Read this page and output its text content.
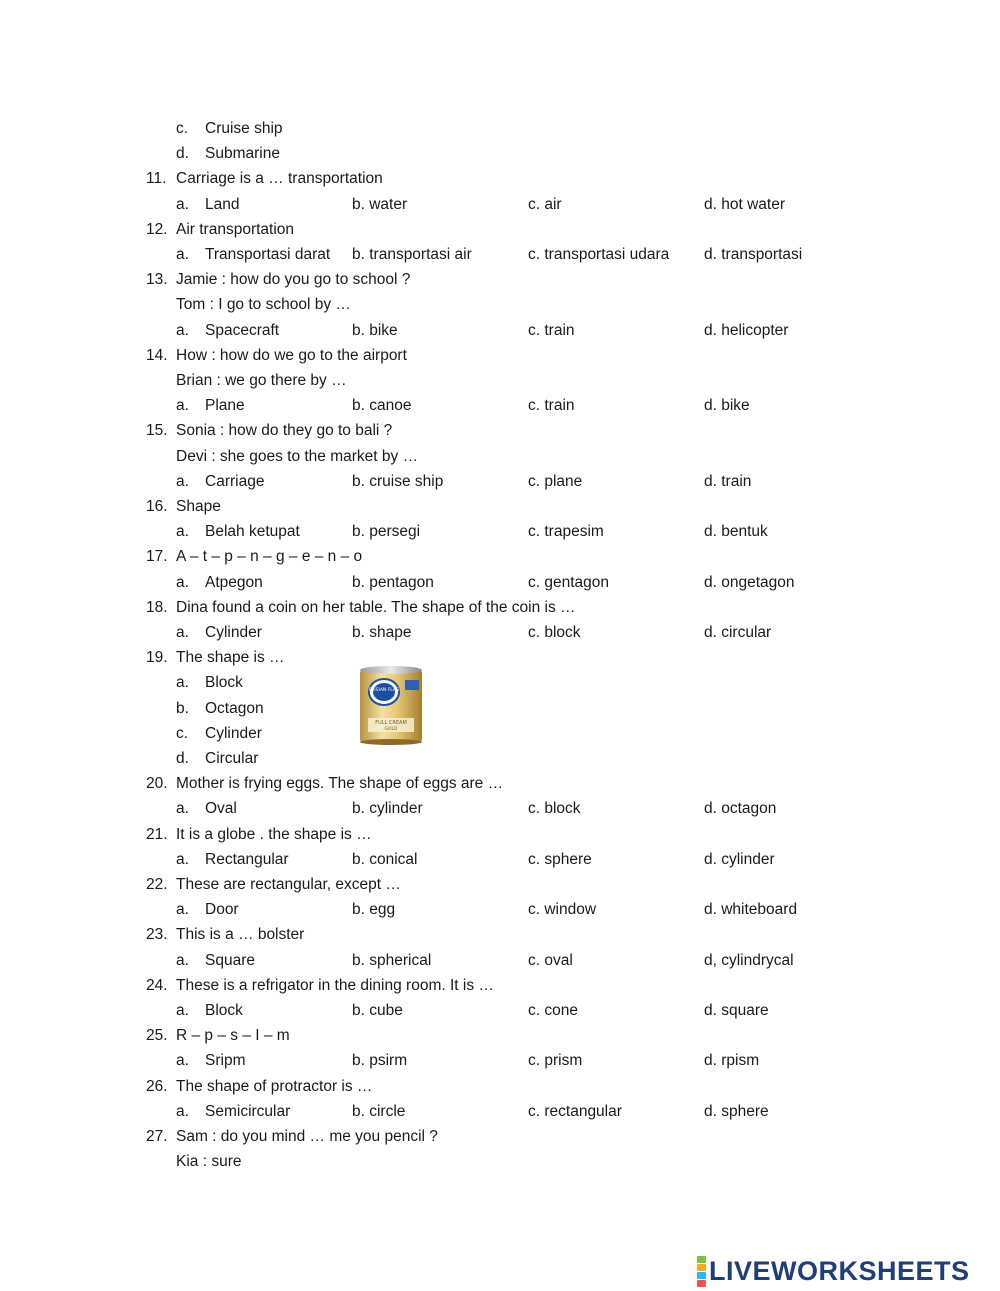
c. Cruise ship
d. Submarine
11. Carriage is a … transportation
a. Land	b. water	c. air	d. hot water
12. Air transportation
a. Transportasi darat b. transportasi air	c. transportasi udara d. transportasi
13. Jamie : how do you go to school ?
Tom : I go to school by …
a. Spacecraft	b. bike	c. train	d. helicopter
14. How : how do we go to the airport
Brian : we go there by …
a. Plane	b. canoe	c. train	d. bike
15. Sonia : how do they go to bali ?
Devi : she goes to the market by …
a. Carriage	b. cruise ship	c. plane	d. train
16. Shape
a. Belah ketupat	b. persegi	c. trapesim	d. bentuk
17. A – t – p – n – g – e – n – o
a. Atpegon	b. pentagon	c. gentagon	d. ongetagon
18. Dina found a coin on her table. The shape of the coin is …
a. Cylinder	b. shape	c. block	d. circular
19. The shape is …
a. Block
b. Octagon
c. Cylinder
d. Circular
20. Mother is frying eggs. The shape of eggs are …
a. Oval	b. cylinder	c. block	d. octagon
21. It is a globe . the shape is …
a. Rectangular	b. conical	c. sphere	d. cylinder
22. These are rectangular, except …
a. Door	b. egg	c. window	d. whiteboard
23. This is a … bolster
a. Square	b. spherical	c. oval	d, cylindrycal
24. These is a refrigator in the dining room. It is …
a. Block	b. cube	c. cone	d. square
25. R – p – s – I – m
a. Sripm	b. psirm	c. prism	d. rpism
26. The shape of protractor is …
a. Semicircular	b. circle	c. rectangular	d. sphere
27. Sam : do you mind … me you pencil ?
Kia : sure
FRISIAN FLAG
FULL CREAM
GOLD
LIVEWORKSHEETS
